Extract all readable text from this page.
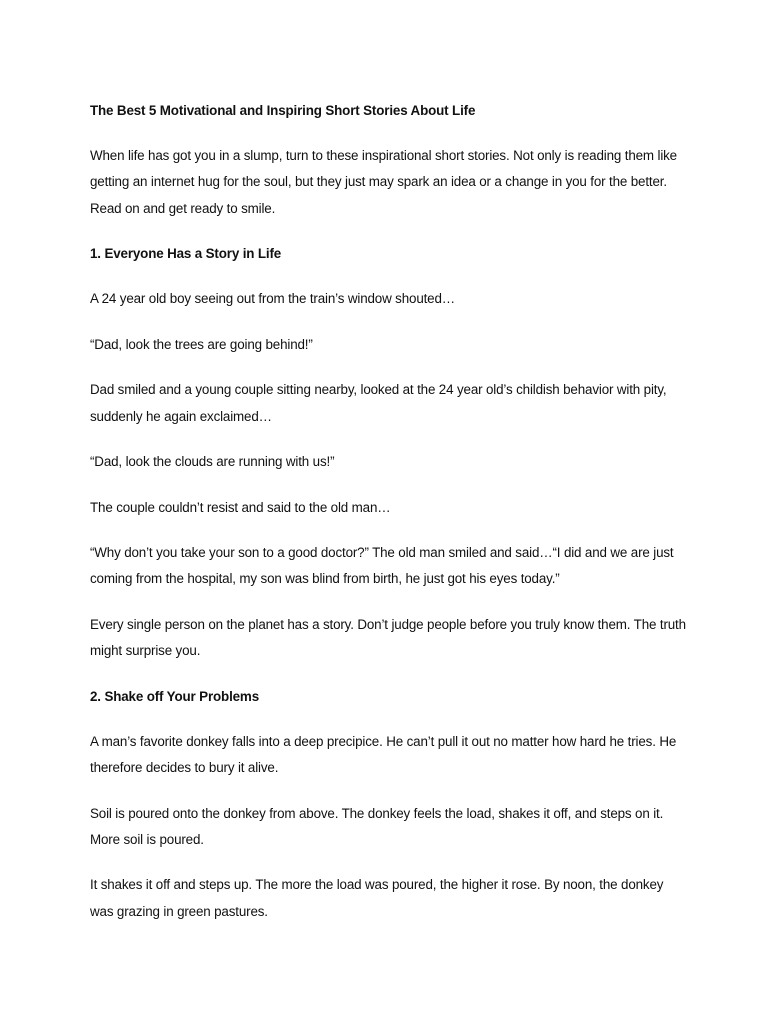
The Best 5 Motivational and Inspiring Short Stories About Life

When life has got you in a slump, turn to these inspirational short stories. Not only is reading them like getting an internet hug for the soul, but they just may spark an idea or a change in you for the better. Read on and get ready to smile.

1. Everyone Has a Story in Life

A 24 year old boy seeing out from the train’s window shouted…

“Dad, look the trees are going behind!”

Dad smiled and a young couple sitting nearby, looked at the 24 year old’s childish behavior with pity, suddenly he again exclaimed…

“Dad, look the clouds are running with us!”

The couple couldn’t resist and said to the old man…

“Why don’t you take your son to a good doctor?” The old man smiled and said…“I did and we are just coming from the hospital, my son was blind from birth, he just got his eyes today.”

Every single person on the planet has a story. Don’t judge people before you truly know them. The truth might surprise you.

2. Shake off Your Problems

A man’s favorite donkey falls into a deep precipice. He can’t pull it out no matter how hard he tries. He therefore decides to bury it alive.

Soil is poured onto the donkey from above. The donkey feels the load, shakes it off, and steps on it. More soil is poured.

It shakes it off and steps up. The more the load was poured, the higher it rose. By noon, the donkey was grazing in green pastures.
